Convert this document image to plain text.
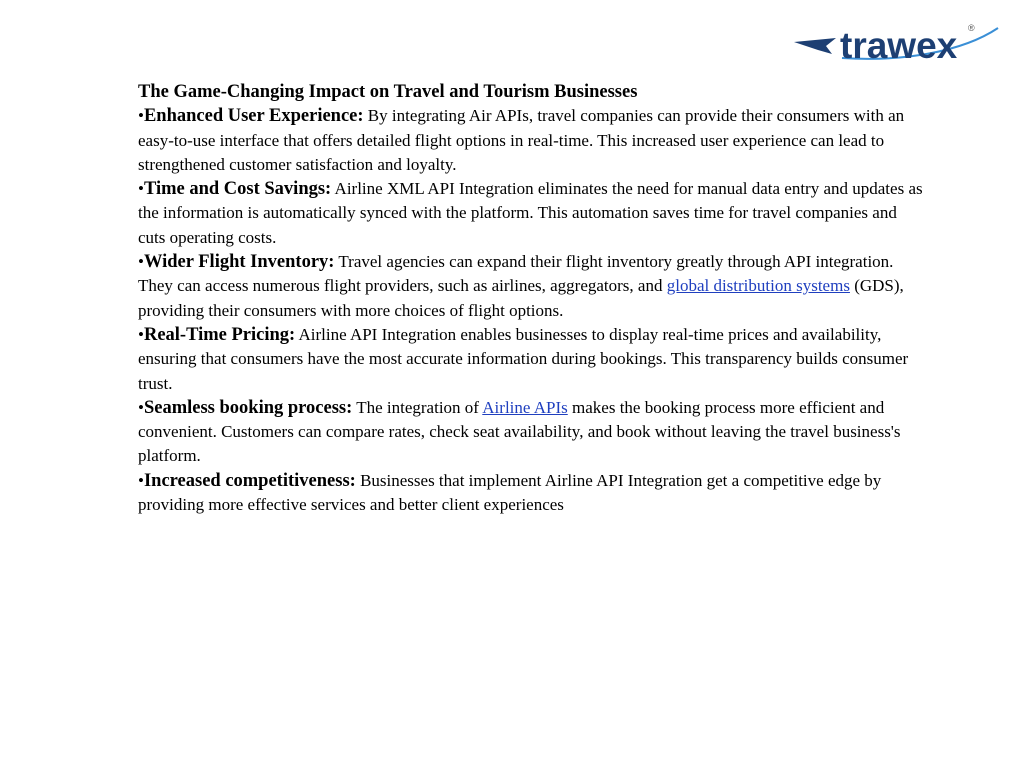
trawex ®

The Game-Changing Impact on Travel and Tourism Businesses

•Enhanced User Experience: By integrating Air APIs, travel companies can provide their consumers with an easy-to-use interface that offers detailed flight options in real-time. This increased user experience can lead to strengthened customer satisfaction and loyalty.

•Time and Cost Savings: Airline XML API Integration eliminates the need for manual data entry and updates as the information is automatically synced with the platform. This automation saves time for travel companies and cuts operating costs.

•Wider Flight Inventory: Travel agencies can expand their flight inventory greatly through API integration. They can access numerous flight providers, such as airlines, aggregators, and global distribution systems (GDS), providing their consumers with more choices of flight options.

•Real-Time Pricing: Airline API Integration enables businesses to display real-time prices and availability, ensuring that consumers have the most accurate information during bookings. This transparency builds consumer trust.

•Seamless booking process: The integration of Airline APIs makes the booking process more efficient and convenient. Customers can compare rates, check seat availability, and book without leaving the travel business's platform.

•Increased competitiveness: Businesses that implement Airline API Integration get a competitive edge by providing more effective services and better client experiences
